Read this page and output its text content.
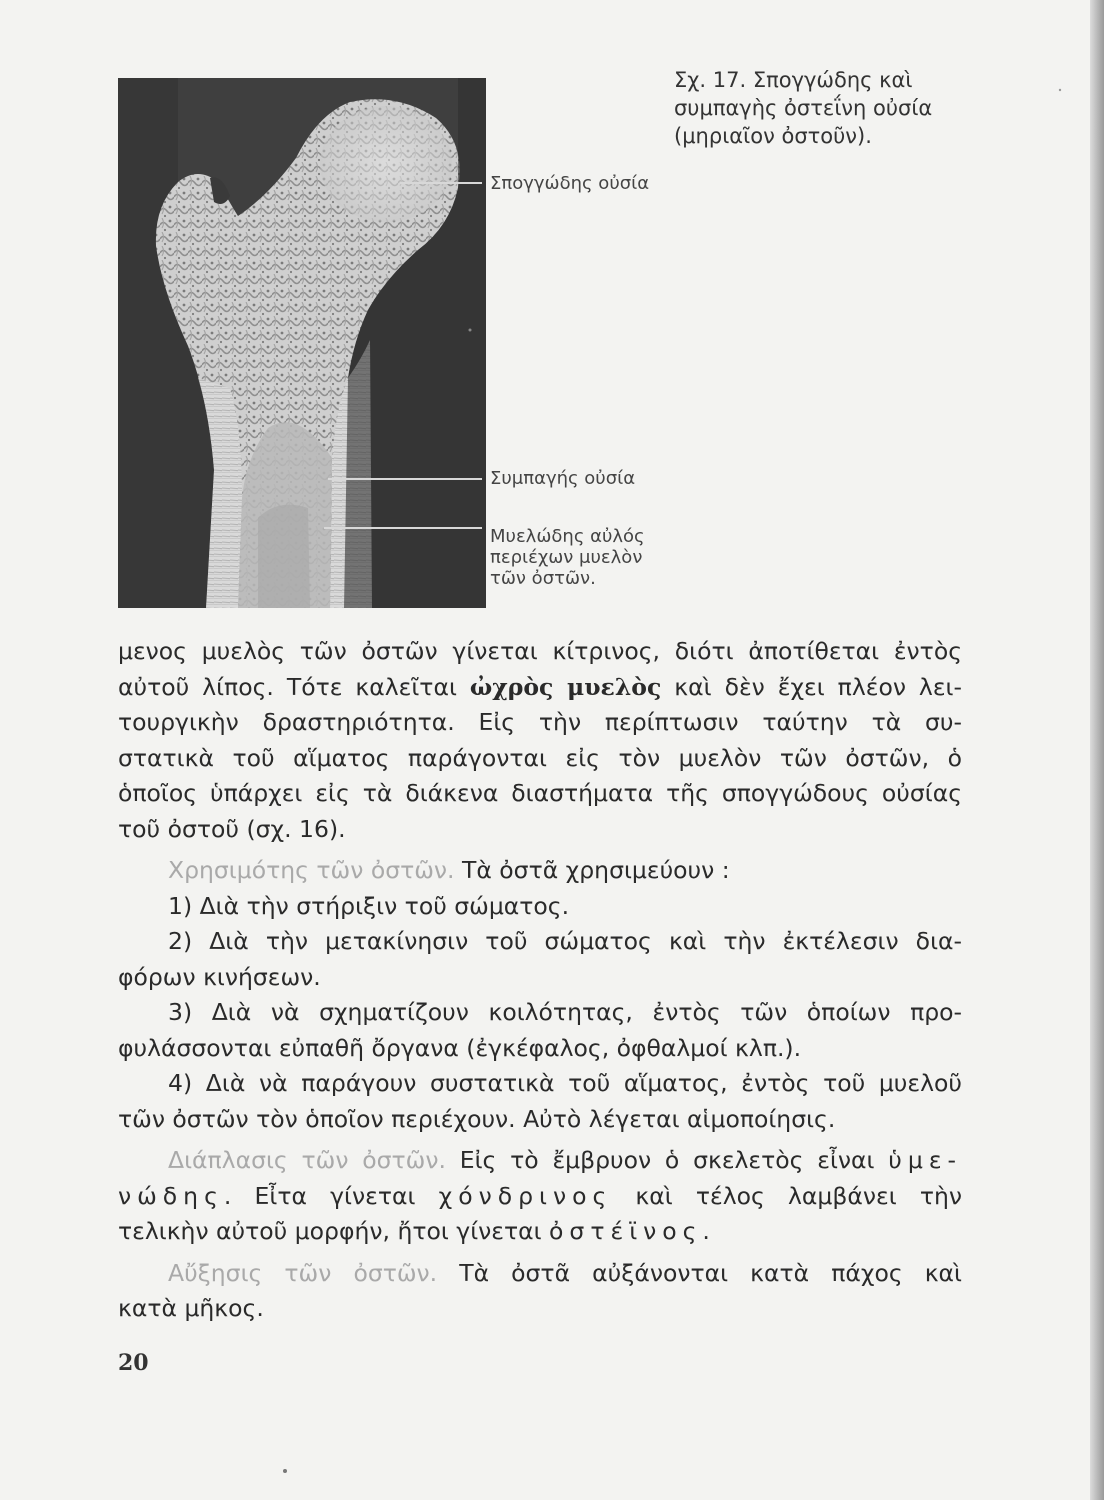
Σπογγώδης οὐσία
Συμπαγής οὐσία
Μυελώδης αὐλός
περιέχων μυελὸν
τῶν ὀστῶν.
Σχ. 17. Σπογγώδης καὶ
συμπαγὴς ὀστεΐνη οὐσία
(μηριαῖον ὀστοῦν).

μενος μυελὸς τῶν ὀστῶν γίνεται κίτρινος, διότι ἀποτίθεται ἐντὸς

αὐτοῦ λίπος. Τότε καλεῖται ὠχρὸς μυελὸς καὶ δὲν ἔχει πλέον λει-

τουργικὴν δραστηριότητα. Εἰς τὴν περίπτωσιν ταύτην τὰ συ-

στατικὰ τοῦ αἵματος παράγονται εἰς τὸν μυελὸν τῶν ὀστῶν, ὁ

ὁποῖος ὑπάρχει εἰς τὰ διάκενα διαστήματα τῆς σπογγώδους οὐσίας

τοῦ ὀστοῦ (σχ. 16).

Χρησιμότης τῶν ὀστῶν. Τὰ ὀστᾶ χρησιμεύουν :

1) Διὰ τὴν στήριξιν τοῦ σώματος.

2) Διὰ τὴν μετακίνησιν τοῦ σώματος καὶ τὴν ἐκτέλεσιν δια-

φόρων κινήσεων.

3) Διὰ νὰ σχηματίζουν κοιλότητας, ἐντὸς τῶν ὁποίων προ-

φυλάσσονται εὐπαθῆ ὄργανα (ἐγκέφαλος, ὀφθαλμοί κλπ.).

4) Διὰ νὰ παράγουν συστατικὰ τοῦ αἵματος, ἐντὸς τοῦ μυελοῦ

τῶν ὀστῶν τὸν ὁποῖον περιέχουν. Αὐτὸ λέγεται αἱμοποίησις.

Διάπλασις τῶν ὀστῶν. Εἰς τὸ ἔμβρυον ὁ σκελετὸς εἶναι ὑμε-

νώδης. Εἶτα γίνεται χόνδρινος καὶ τέλος λαμβάνει τὴν

τελικὴν αὐτοῦ μορφήν, ἤτοι γίνεται ὀστέϊνος.

Αὔξησις τῶν ὀστῶν. Τὰ ὀστᾶ αὐξάνονται κατὰ πάχος καὶ

κατὰ μῆκος.

20
